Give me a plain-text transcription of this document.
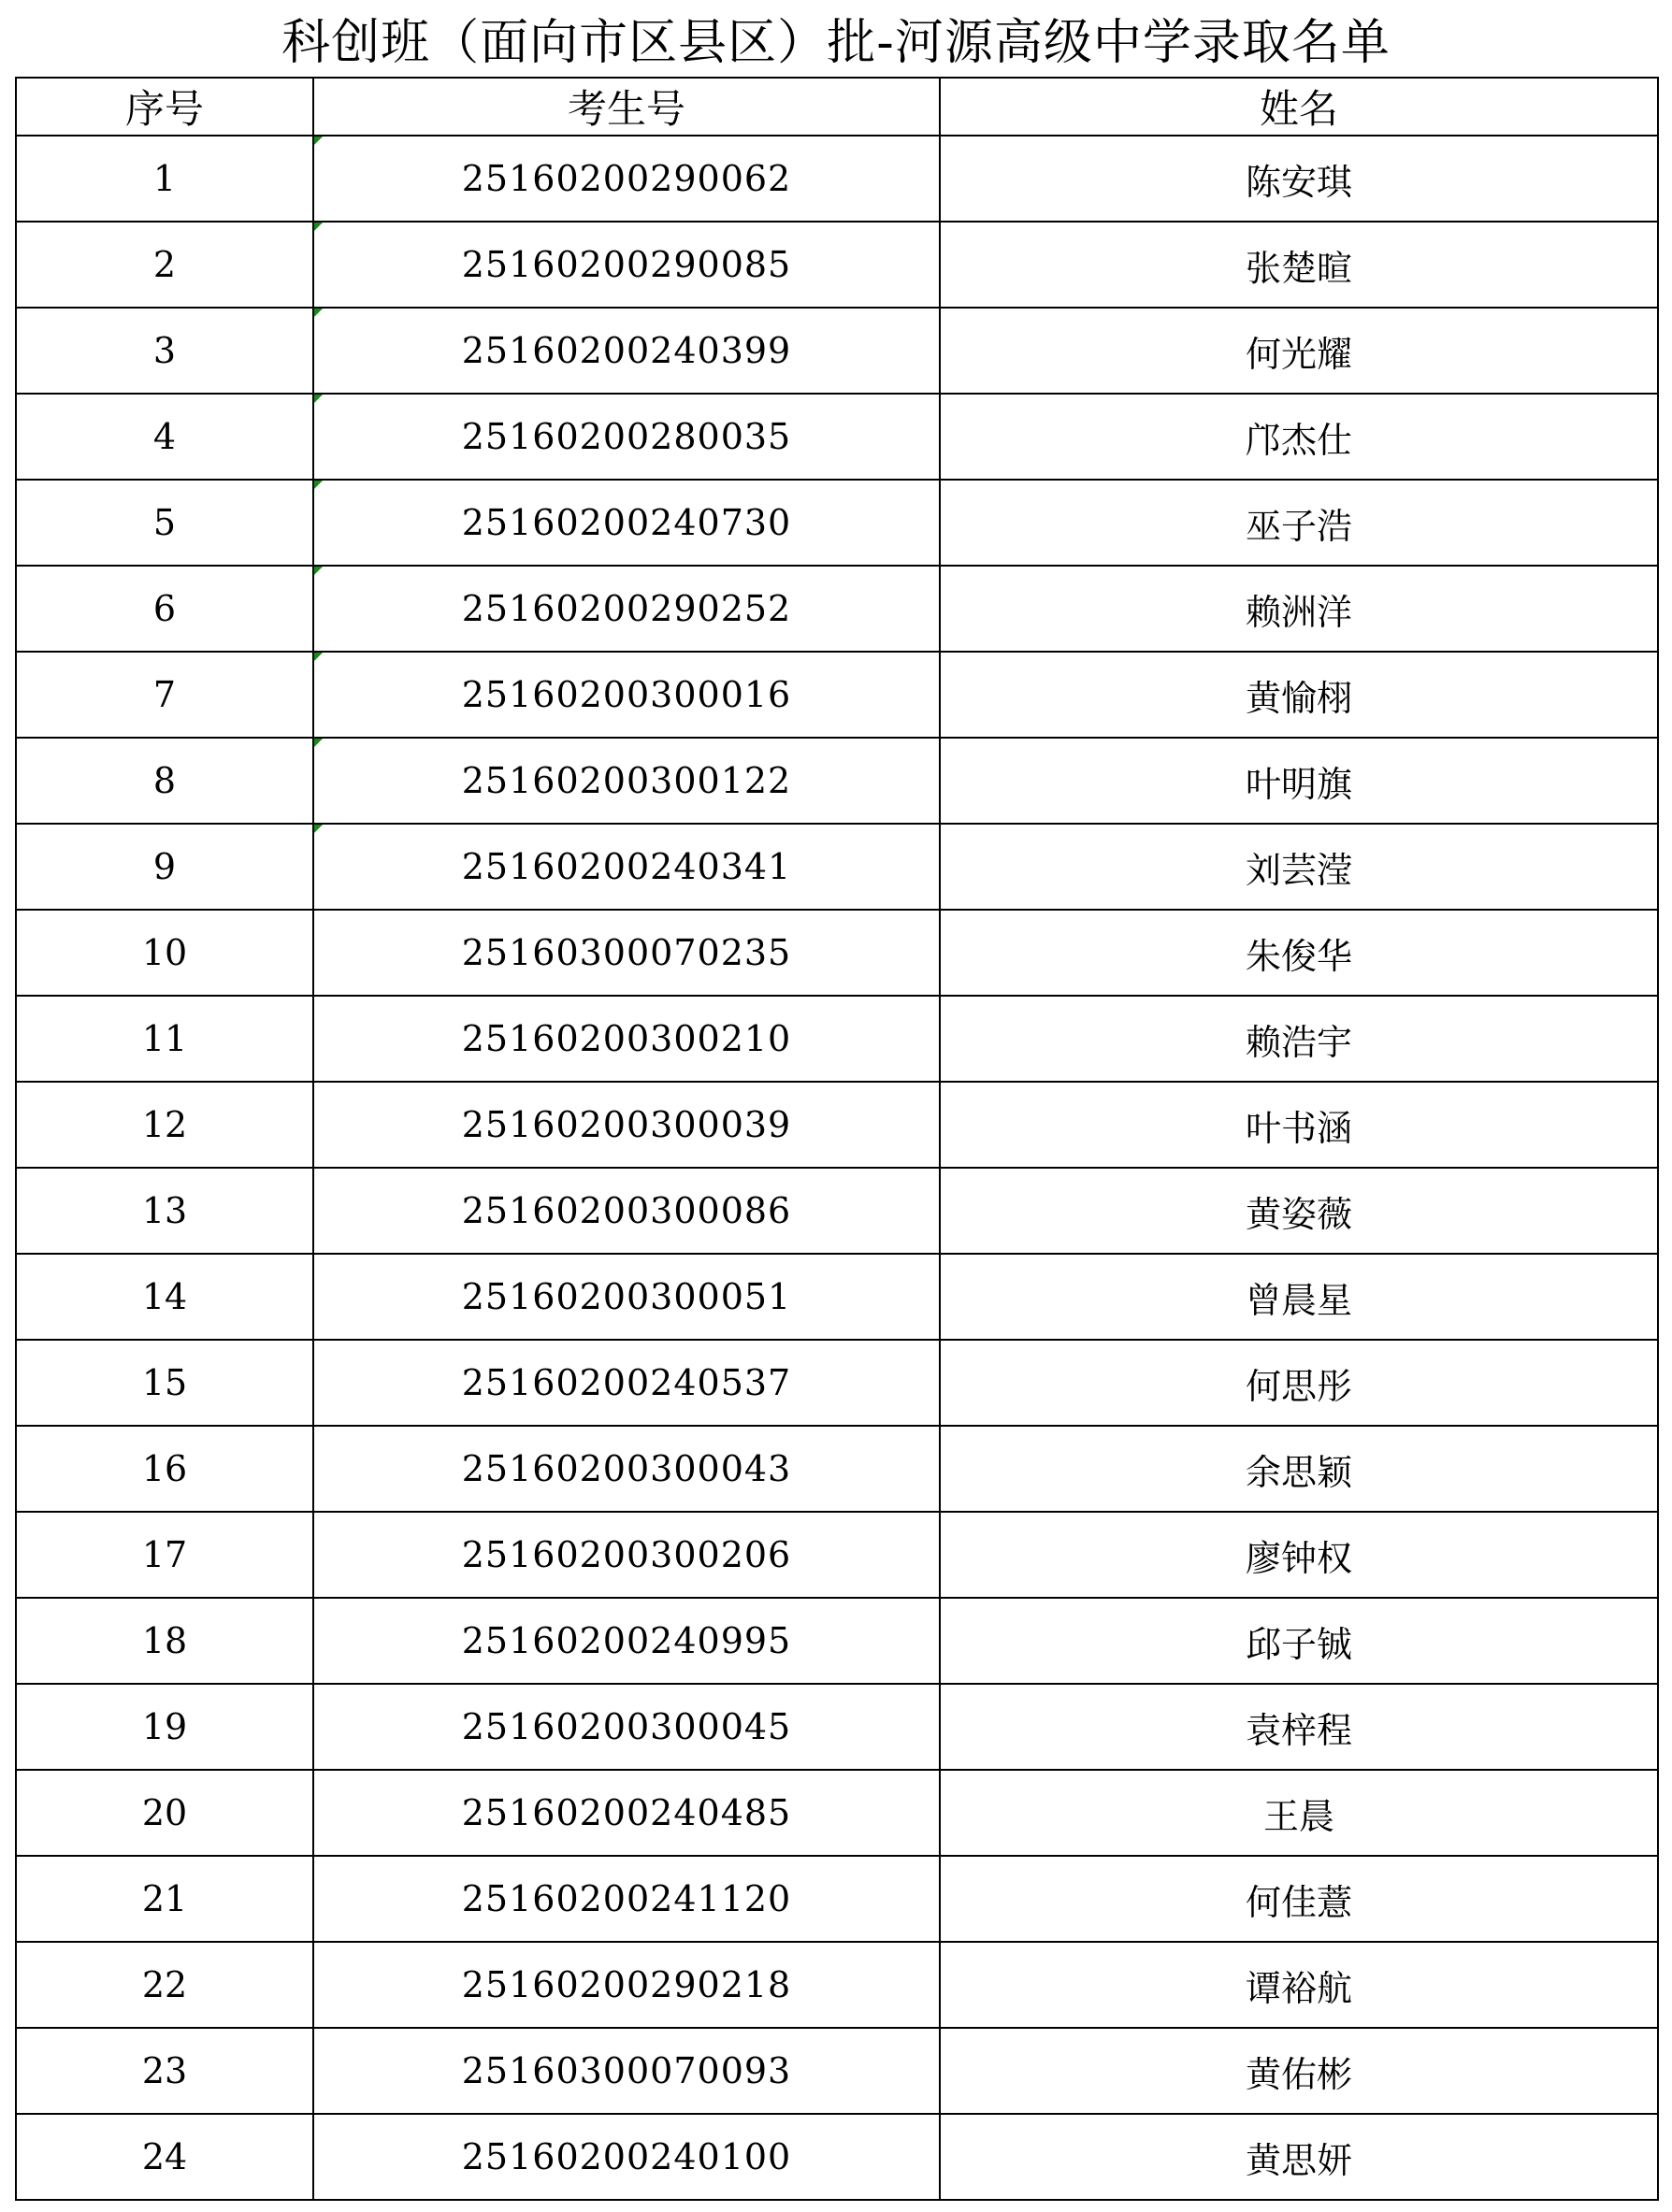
科创班（面向市区县区）批-河源高级中学录取名单
序号	考生号	姓名
1	25160200290062	陈安琪
2	25160200290085	张楚暄
3	25160200240399	何光耀
4	25160200280035	邝杰仕
5	25160200240730	巫子浩
6	25160200290252	赖洲洋
7	25160200300016	黄愉栩
8	25160200300122	叶明旗
9	25160200240341	刘芸滢
10	25160300070235	朱俊华
11	25160200300210	赖浩宇
12	25160200300039	叶书涵
13	25160200300086	黄姿薇
14	25160200300051	曾晨星
15	25160200240537	何思彤
16	25160200300043	余思颖
17	25160200300206	廖钟权
18	25160200240995	邱子铖
19	25160200300045	袁梓程
20	25160200240485	王晨
21	25160200241120	何佳薏
22	25160200290218	谭裕航
23	25160300070093	黄佑彬
24	25160200240100	黄思妍
